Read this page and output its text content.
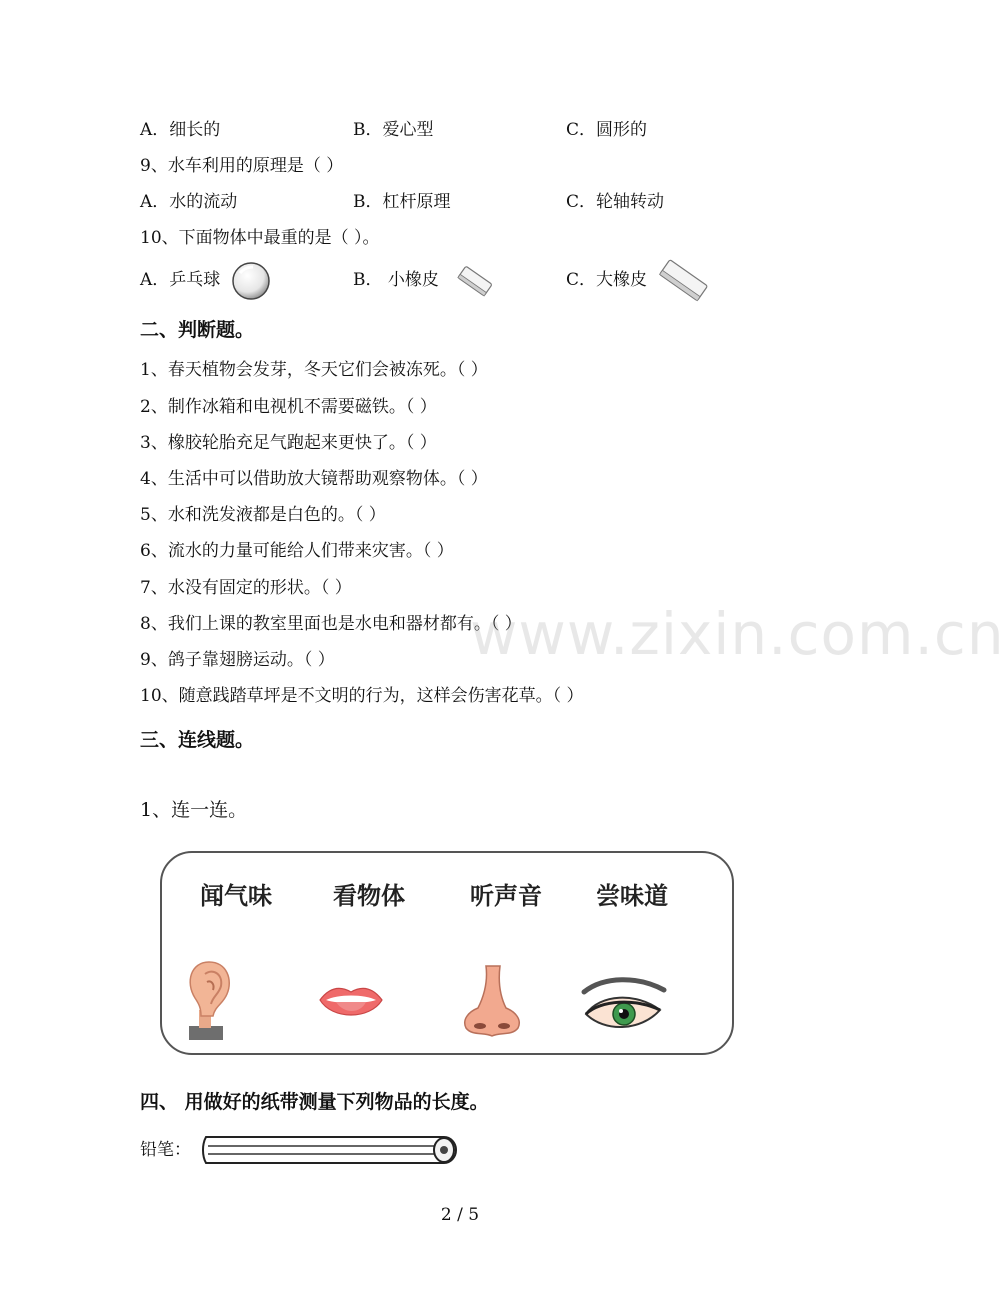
A．细长的	B．爱心型	C．圆形的
9、水车利用的原理是（ ）
A．水的流动	B．杠杆原理	C．轮轴转动
10、下面物体中最重的是（ ）。
A．乒乓球	B． 小橡皮	C．大橡皮
二、判断题。
1、春天植物会发芽，冬天它们会被冻死。（ ）
2、制作冰箱和电视机不需要磁铁。（ ）
3、橡胶轮胎充足气跑起来更快了。（ ）
4、生活中可以借助放大镜帮助观察物体。（ ）
5、水和洗发液都是白色的。（ ）
6、流水的力量可能给人们带来灾害。（ ）
7、水没有固定的形状。（ ）
8、我们上课的教室里面也是水电和器材都有。（ ）
9、鸽子靠翅膀运动。（ ）
10、随意践踏草坪是不文明的行为，这样会伤害花草。（ ）
www.zixin.com.cn
三、连线题。
1、连一连。
闻气味	看物体	听声音 尝味道
四、 用做好的纸带测量下列物品的长度。
铅笔：
2 / 5
